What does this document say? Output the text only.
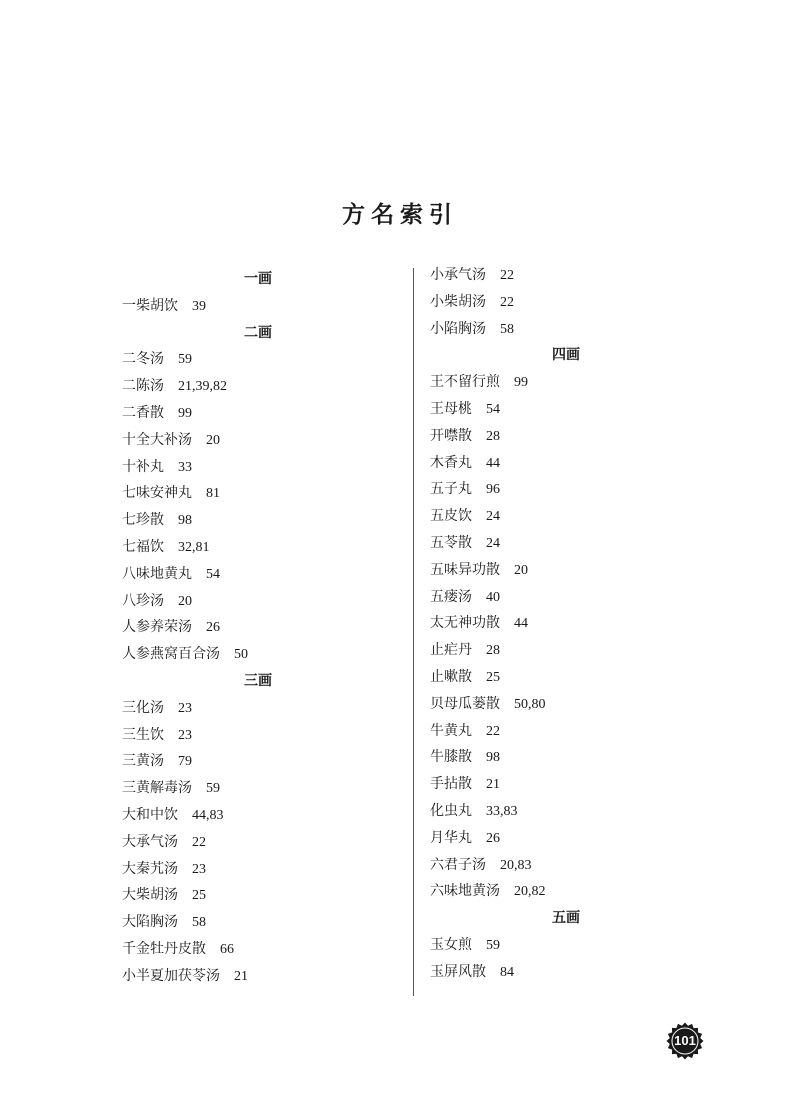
方名索引
一画
一柴胡饮 39
二画
二冬汤 59
二陈汤 21,39,82
二香散 99
十全大补汤 20
十补丸 33
七味安神丸 81
七珍散 98
七福饮 32,81
八味地黄丸 54
八珍汤 20
人参养荣汤 26
人参燕窝百合汤 50
三画
三化汤 23
三生饮 23
三黄汤 79
三黄解毒汤 59
大和中饮 44,83
大承气汤 22
大秦艽汤 23
大柴胡汤 25
大陷胸汤 58
千金牡丹皮散 66
小半夏加茯苓汤 21
小承气汤 22
小柴胡汤 22
小陷胸汤 58
四画
王不留行煎 99
王母桃 54
开噤散 28
木香丸 44
五子丸 96
五皮饮 24
五苓散 24
五味异功散 20
五瘘汤 40
太无神功散 44
止疟丹 28
止嗽散 25
贝母瓜蒌散 50,80
牛黄丸 22
牛膝散 98
手拈散 21
化虫丸 33,83
月华丸 26
六君子汤 20,83
六味地黄汤 20,82
五画
玉女煎 59
玉屏风散 84
101
